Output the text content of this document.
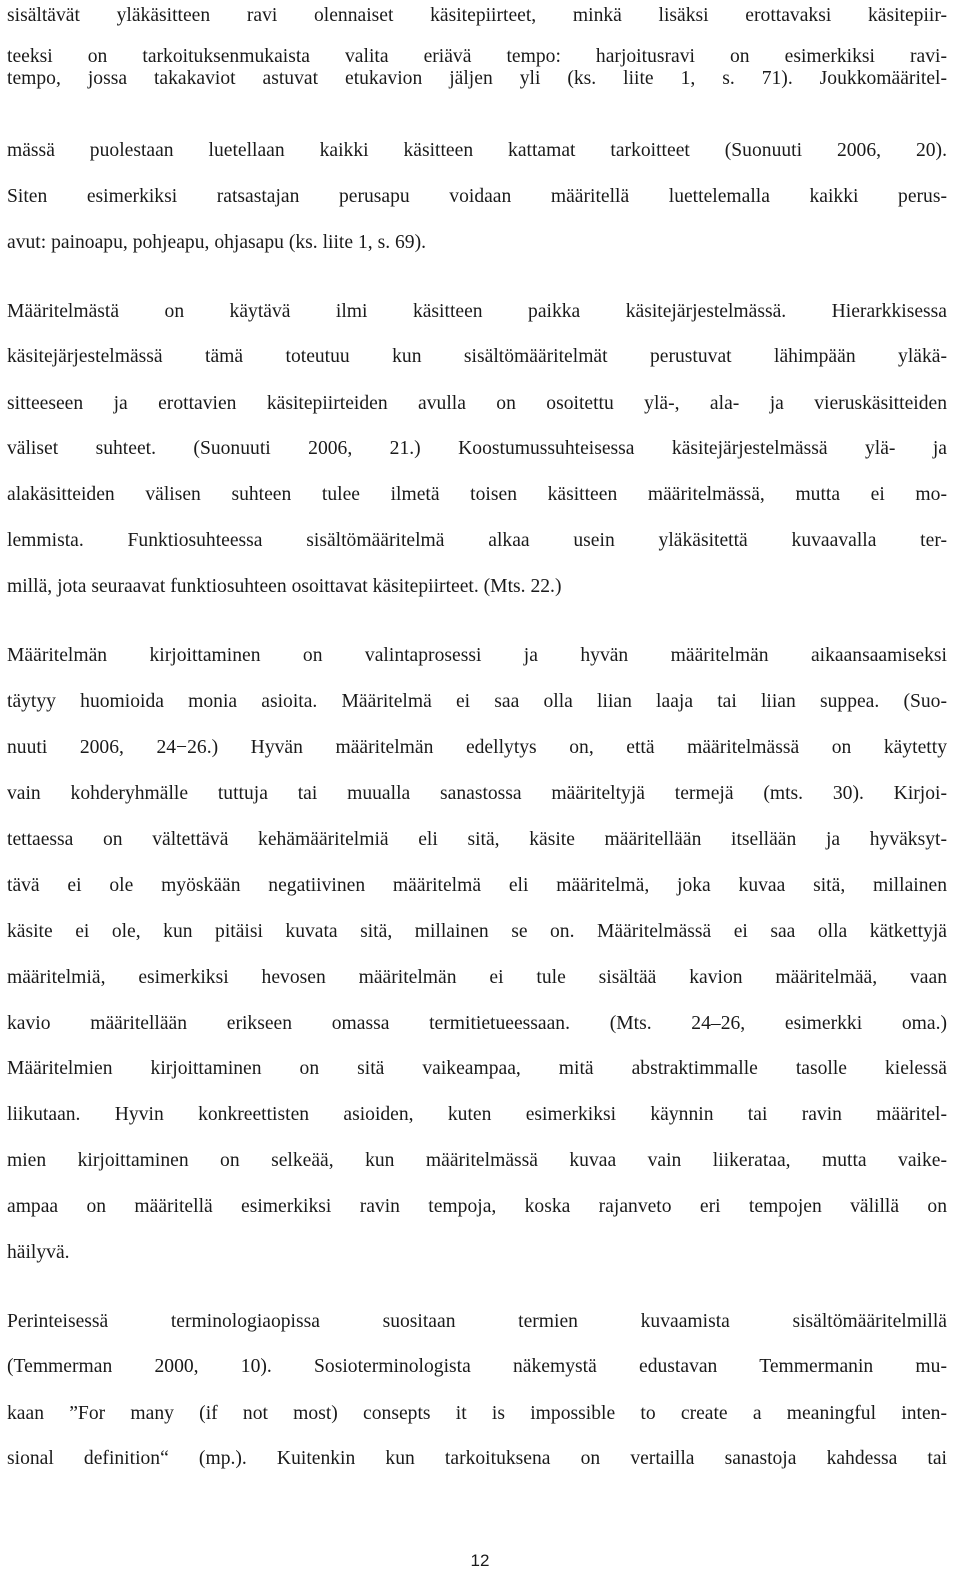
sisältävät yläkäsitteen ravi olennaiset käsitepiirteet, minkä lisäksi erottavaksi käsitepiir-
teeksi on tarkoituksenmukaista valita eriävä tempo: harjoitusravi on esimerkiksi ravi-
tempo, jossa takakaviot astuvat etukavion jäljen yli (ks. liite 1, s. 71). Joukkomääritel-
mässä puolestaan luetellaan kaikki käsitteen kattamat tarkoitteet (Suonuuti 2006, 20).
Siten esimerkiksi ratsastajan perusapu voidaan määritellä luettelemalla kaikki perus-
avut: painoapu, pohjeapu, ohjasapu (ks. liite 1, s. 69).
Määritelmästä on käytävä ilmi käsitteen paikka käsitejärjestelmässä. Hierarkkisessa
käsitejärjestelmässä tämä toteutuu kun sisältömääritelmät perustuvat lähimpään yläkä-
sitteeseen ja erottavien käsitepiirteiden avulla on osoitettu ylä-, ala- ja vieruskäsitteiden
väliset suhteet. (Suonuuti 2006, 21.) Koostumussuhteisessa käsitejärjestelmässä ylä- ja
alakäsitteiden välisen suhteen tulee ilmetä toisen käsitteen määritelmässä, mutta ei mo-
lemmista. Funktiosuhteessa sisältömääritelmä alkaa usein yläkäsitettä kuvaavalla ter-
millä, jota seuraavat funktiosuhteen osoittavat käsitepiirteet. (Mts. 22.)
Määritelmän kirjoittaminen on valintaprosessi ja hyvän määritelmän aikaansaamiseksi
täytyy huomioida monia asioita. Määritelmä ei saa olla liian laaja tai liian suppea. (Suo-
nuuti 2006, 24−26.) Hyvän määritelmän edellytys on, että määritelmässä on käytetty
vain kohderyhmälle tuttuja tai muualla sanastossa määriteltyjä termejä (mts. 30). Kirjoi-
tettaessa on vältettävä kehämääritelmiä eli sitä, käsite määritellään itsellään ja hyväksyt-
tävä ei ole myöskään negatiivinen määritelmä eli määritelmä, joka kuvaa sitä, millainen
käsite ei ole, kun pitäisi kuvata sitä, millainen se on. Määritelmässä ei saa olla kätkettyjä
määritelmiä, esimerkiksi hevosen määritelmän ei tule sisältää kavion määritelmää, vaan
kavio määritellään erikseen omassa termitietueessaan. (Mts. 24–26, esimerkki oma.)
Määritelmien kirjoittaminen on sitä vaikeampaa, mitä abstraktimmalle tasolle kielessä
liikutaan. Hyvin konkreettisten asioiden, kuten esimerkiksi käynnin tai ravin määritel-
mien kirjoittaminen on selkeää, kun määritelmässä kuvaa vain liikerataa, mutta vaike-
ampaa on määritellä esimerkiksi ravin tempoja, koska rajanveto eri tempojen välillä on
häilyvä.
Perinteisessä terminologiaopissa suositaan termien kuvaamista sisältömääritelmillä
(Temmerman 2000, 10). Sosioterminologista näkemystä edustavan Temmermanin mu-
kaan ”For many (if not most) consepts it is impossible to create a meaningful inten-
sional definition“ (mp.). Kuitenkin kun tarkoituksena on vertailla sanastoja kahdessa tai
12
